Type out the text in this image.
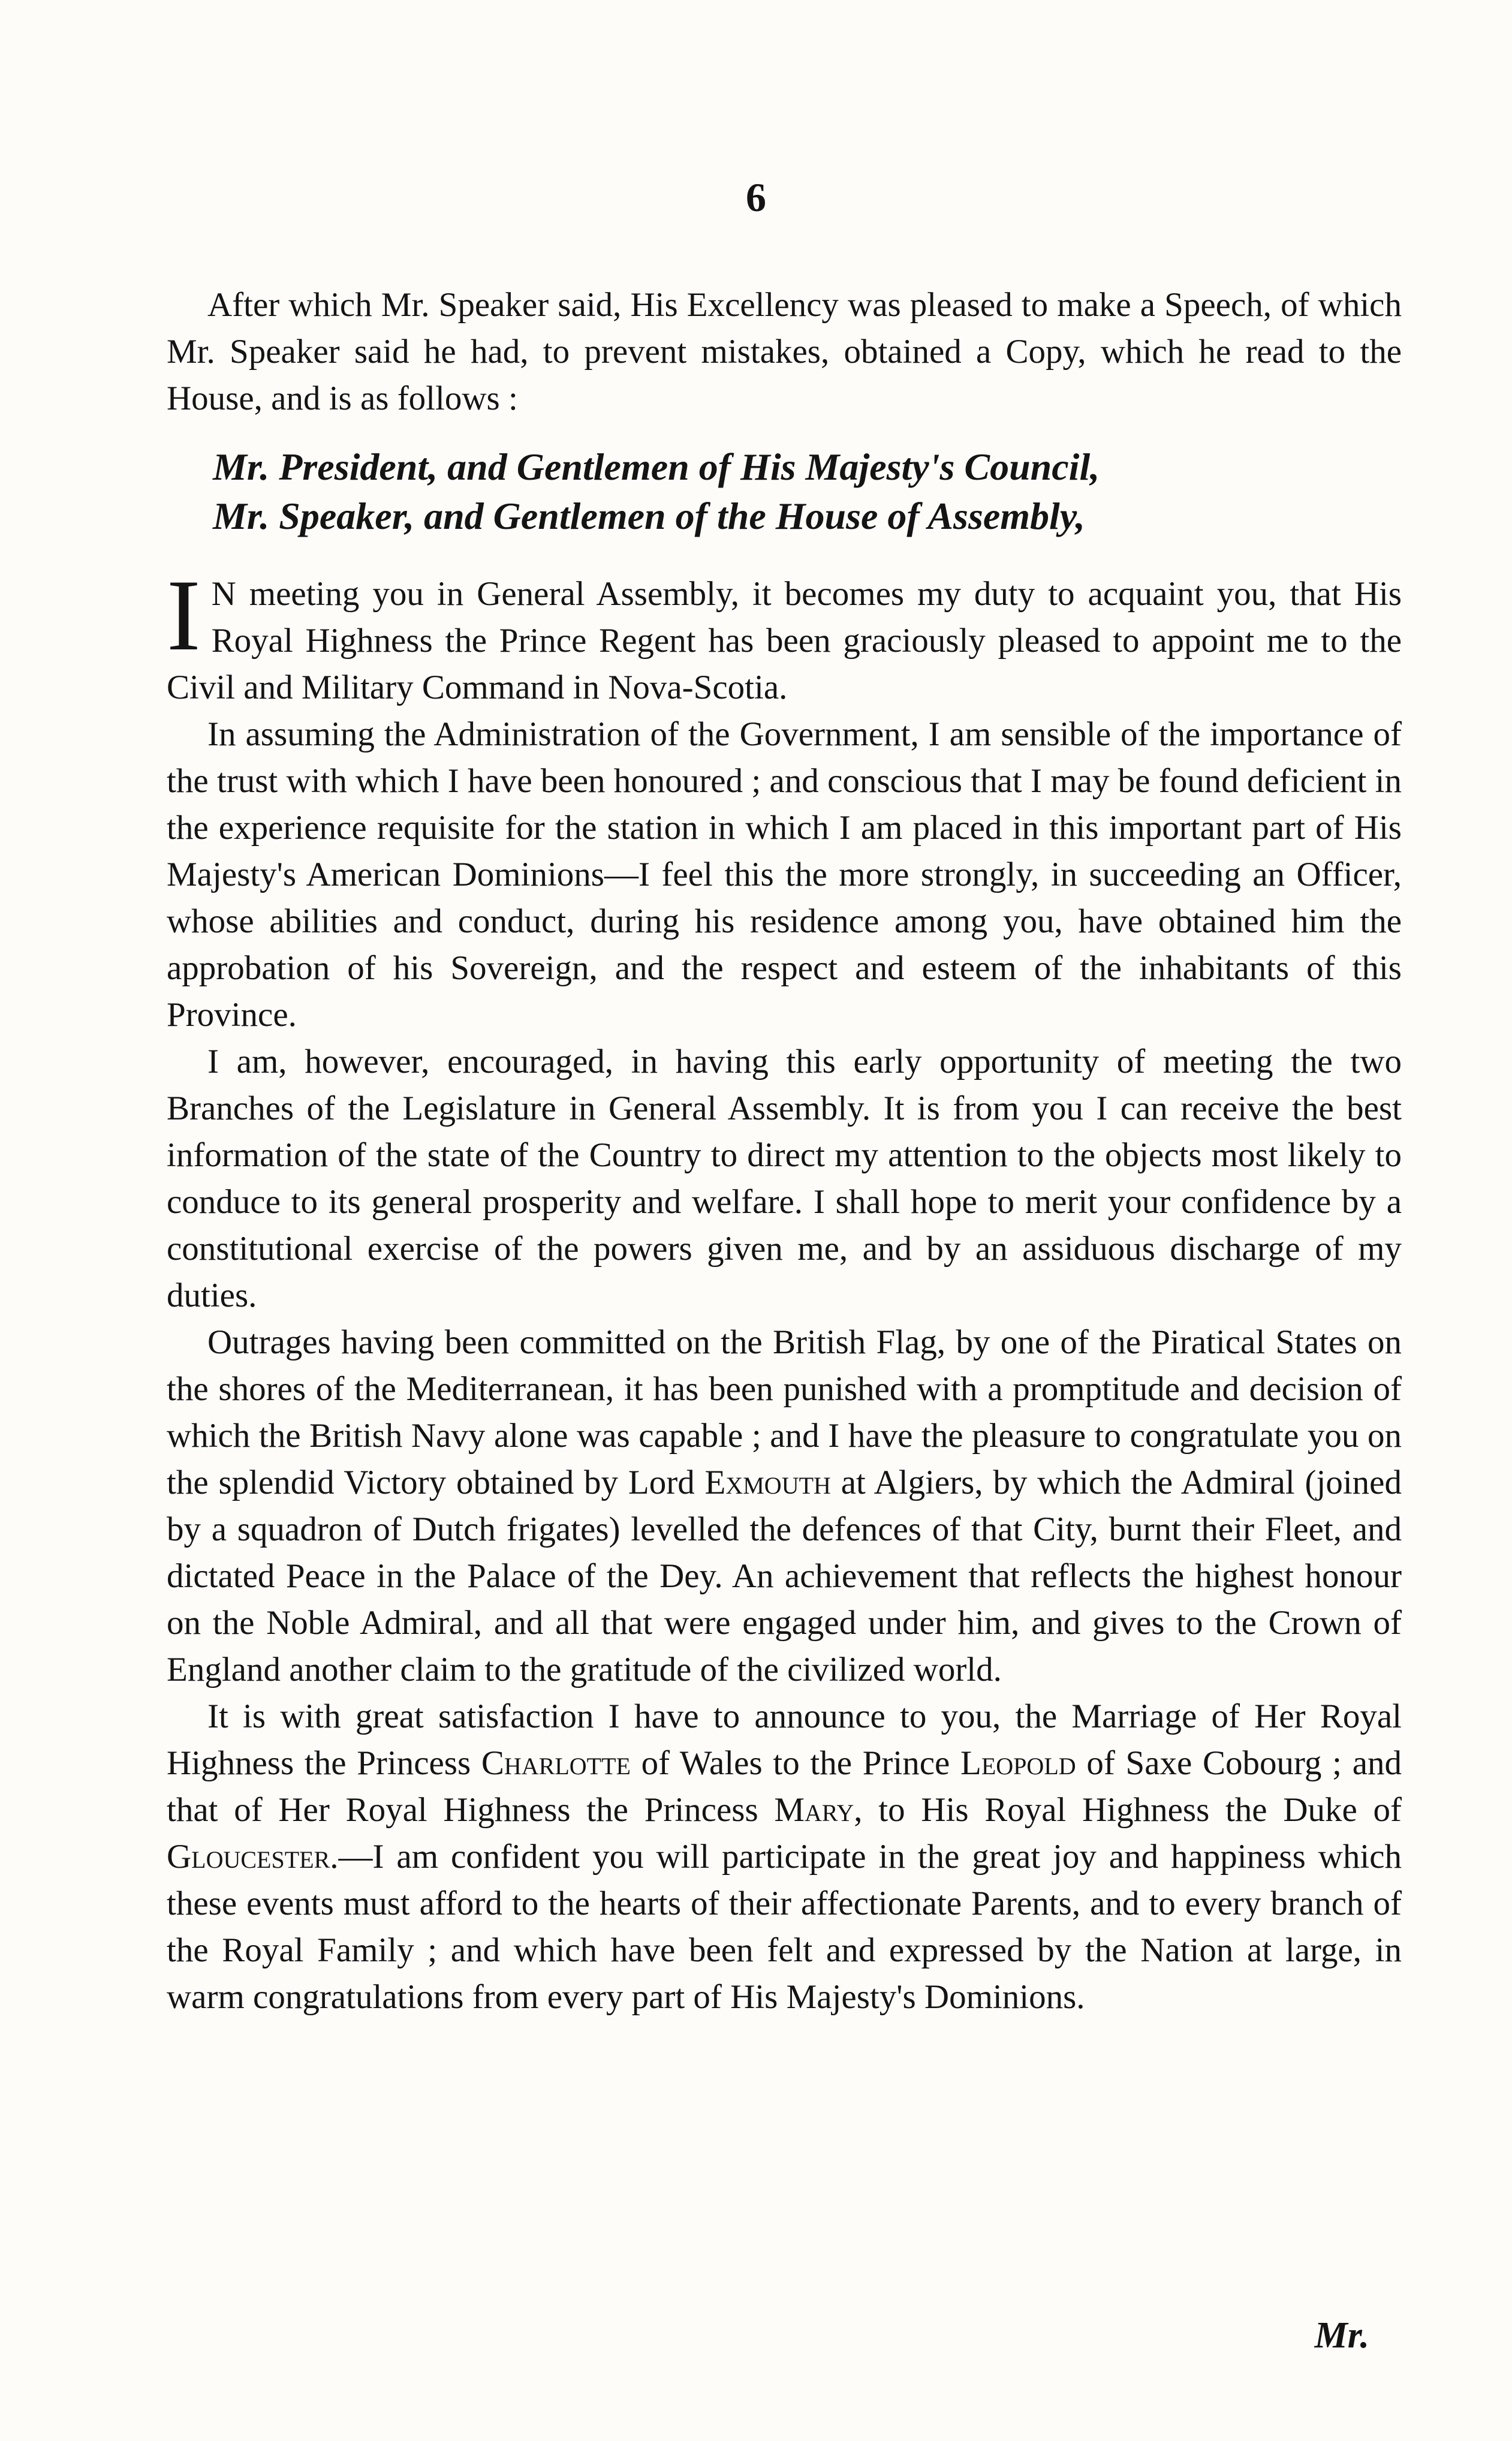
6

After which Mr. Speaker said, His Excellency was pleased to make a Speech, of which Mr. Speaker said he had, to prevent mistakes, obtained a Copy, which he read to the House, and is as follows :

Mr. President, and Gentlemen of His Majesty's Council,
Mr. Speaker, and Gentlemen of the House of Assembly,

I N meeting you in General Assembly, it becomes my duty to acquaint you, that His Royal Highness the Prince Regent has been graciously pleased to appoint me to the Civil and Military Command in Nova-Scotia.

In assuming the Administration of the Government, I am sensible of the importance of the trust with which I have been honoured ; and conscious that I may be found deficient in the experience requisite for the station in which I am placed in this important part of His Majesty's American Dominions—I feel this the more strongly, in succeeding an Officer, whose abilities and conduct, during his residence among you, have obtained him the approbation of his Sovereign, and the respect and esteem of the inhabitants of this Province.

I am, however, encouraged, in having this early opportunity of meeting the two Branches of the Legislature in General Assembly. It is from you I can receive the best information of the state of the Country to direct my attention to the objects most likely to conduce to its general prosperity and welfare. I shall hope to merit your confidence by a constitutional exercise of the powers given me, and by an assiduous discharge of my duties.

Outrages having been committed on the British Flag, by one of the Piratical States on the shores of the Mediterranean, it has been punished with a promptitude and decision of which the British Navy alone was capable ; and I have the pleasure to congratulate you on the splendid Victory obtained by Lord Exmouth at Algiers, by which the Admiral (joined by a squadron of Dutch frigates) levelled the defences of that City, burnt their Fleet, and dictated Peace in the Palace of the Dey. An achievement that reflects the highest honour on the Noble Admiral, and all that were engaged under him, and gives to the Crown of England another claim to the gratitude of the civilized world.

It is with great satisfaction I have to announce to you, the Marriage of Her Royal Highness the Princess Charlotte of Wales to the Prince Leopold of Saxe Cobourg ; and that of Her Royal Highness the Princess Mary, to His Royal Highness the Duke of Gloucester.—I am confident you will participate in the great joy and happiness which these events must afford to the hearts of their affectionate Parents, and to every branch of the Royal Family ; and which have been felt and expressed by the Nation at large, in warm congratulations from every part of His Majesty's Dominions.

Mr.
